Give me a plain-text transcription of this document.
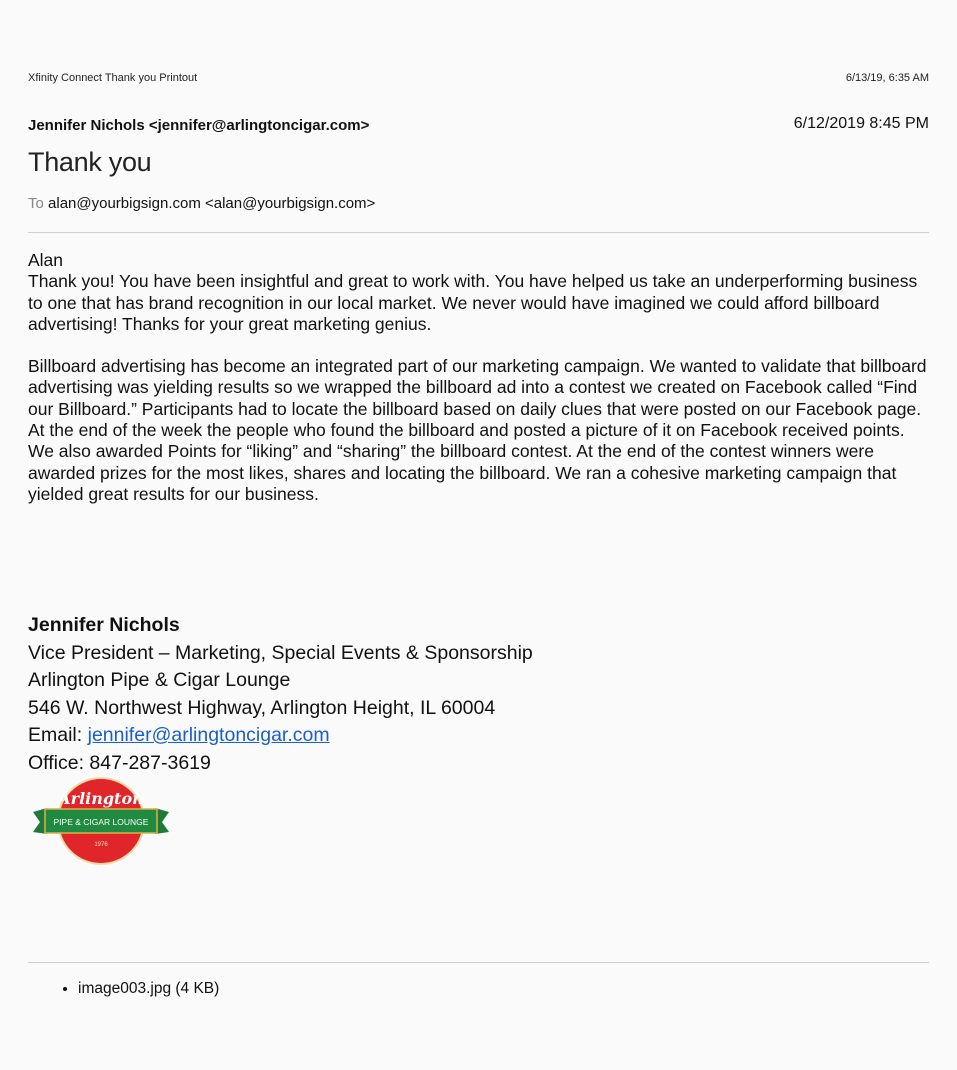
Xfinity Connect Thank you Printout	6/13/19, 6:35 AM
Jennifer Nichols <jennifer@arlingtoncigar.com>	6/12/2019 8:45 PM
Thank you
To alan@yourbigsign.com <alan@yourbigsign.com>

Alan

Thank you! You have been insightful and great to work with. You have helped us take an underperforming business to one that has brand recognition in our local market. We never would have imagined we could afford billboard advertising! Thanks for your great marketing genius.

Billboard advertising has become an integrated part of our marketing campaign. We wanted to validate that billboard advertising was yielding results so we wrapped the billboard ad into a contest we created on Facebook called “Find our Billboard.” Participants had to locate the billboard based on daily clues that were posted on our Facebook page. At the end of the week the people who found the billboard and posted a picture of it on Facebook received points. We also awarded Points for “liking” and “sharing” the billboard contest. At the end of the contest winners were awarded prizes for the most likes, shares and locating the billboard. We ran a cohesive marketing campaign that yielded great results for our business.

Jennifer Nichols
Vice President – Marketing, Special Events & Sponsorship
Arlington Pipe & Cigar Lounge
546 W. Northwest Highway, Arlington Height, IL 60004
Email: jennifer@arlingtoncigar.com
Office: 847-287-3619
Arlington
PIPE & CIGAR LOUNGE
1976
• image003.jpg (4 KB)
